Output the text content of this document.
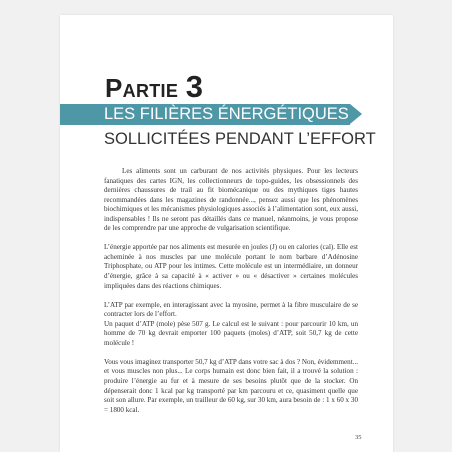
Partie 3
LES FILIÈRES ÉNERGÉTIQUES
SOLLICITÉES PENDANT L’EFFORT

Les aliments sont un carburant de nos activités physiques. Pour les lecteurs fanatiques des cartes IGN, les collectionneurs de topo-guides, les obsessionnels des dernières chaussures de trail au fit biomécanique ou des mythiques tiges hautes recommandées dans les magazines de randonnée..., pensez aussi que les phénomènes biochimiques et les mécanismes physiologiques associés à l’alimentation sont, eux aussi, indispensables ! Ils ne seront pas détaillés dans ce manuel, néanmoins, je vous propose de les comprendre par une approche de vulgarisation scientifique.

L’énergie apportée par nos aliments est mesurée en joules (J) ou en calories (cal). Elle est acheminée à nos muscles par une molécule portant le nom barbare d’Adénosine Triphosphate, ou ATP pour les intimes. Cette molécule est un intermédiaire, un donneur d’énergie, grâce à sa capacité à « activer » ou « désactiver » certaines molécules impliquées dans des réactions chimiques.

L’ATP par exemple, en interagissant avec la myosine, permet à la fibre musculaire de se contracter lors de l’effort.
Un paquet d’ATP (mole) pèse 507 g. Le calcul est le suivant : pour parcourir 10 km, un homme de 70 kg devrait emporter 100 paquets (moles) d’ATP, soit 50,7 kg de cette molécule !

Vous vous imaginez transporter 50,7 kg d’ATP dans votre sac à dos ? Non, évidemment... et vous muscles non plus... Le corps humain est donc bien fait, il a trouvé la solution : produire l’énergie au fur et à mesure de ses besoins plutôt que de la stocker. On dépenserait donc 1 kcal par kg transporté par km parcouru et ce, quasiment quelle que soit son allure. Par exemple, un trailleur de 60 kg, sur 30 km, aura besoin de : 1 x 60 x 30 = 1800 kcal.

35
